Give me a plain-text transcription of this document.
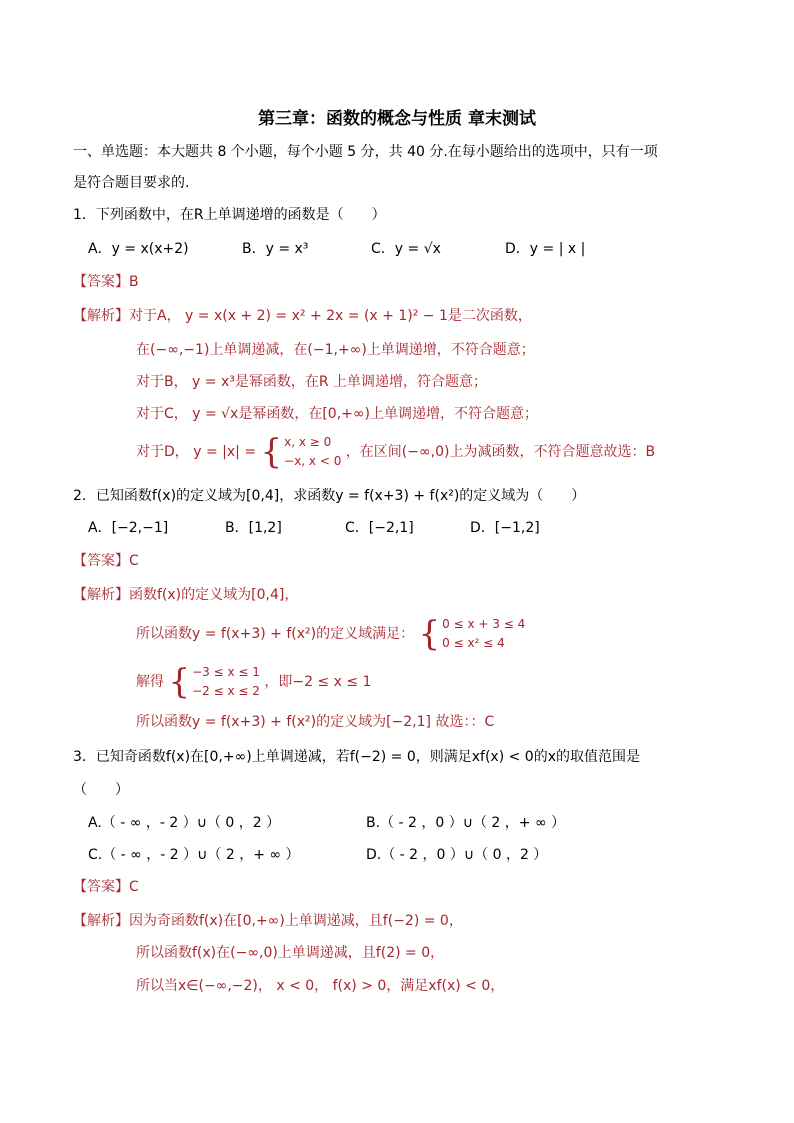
第三章：函数的概念与性质 章末测试
一、单选题：本大题共 8 个小题，每个小题 5 分，共 40 分.在每小题给出的选项中，只有一项
是符合题目要求的.
1．下列函数中，在R上单调递增的函数是（　　）
A．y = x(x+2)	B．y = x³	C．y = √x	D．y = | x |
【答案】B
【解析】对于A， y = x(x + 2) = x² + 2x = (x + 1)² − 1是二次函数，
在(−∞,−1)上单调递减，在(−1,+∞)上单调递增，不符合题意；
对于B， y = x³是幂函数，在R 上单调递增，符合题意；
对于C， y = √x是幂函数，在[0,+∞)上单调递增，不符合题意；
对于D， y = |x| = { x, x ≥ 0
−x, x < 0
，在区间(−∞,0)上为减函数，不符合题意故选：B
2．已知函数f(x)的定义域为[0,4]，求函数y = f(x+3) + f(x²)的定义域为（　　）
A．[−2,−1]	B．[1,2]	C．[−2,1]	D．[−1,2]
【答案】C
【解析】函数f(x)的定义域为[0,4]，
所以函数y = f(x+3) + f(x²)的定义域满足： { 0 ≤ x + 3 ≤ 4
0 ≤ x² ≤ 4
解得 { −3 ≤ x ≤ 1
−2 ≤ x ≤ 2
，即−2 ≤ x ≤ 1
所以函数y = f(x+3) + f(x²)的定义域为[−2,1] 故选：：C
3．已知奇函数f(x)在[0,+∞)上单调递减，若f(−2) = 0，则满足xf(x) < 0的x的取值范围是
（　　）
A.（ - ∞ ，- 2 ）∪（ 0 ，2 ）	B.（ - 2 ，0 ）∪（ 2 ，+ ∞ ）
C.（ - ∞ ，- 2 ）∪（ 2 ，+ ∞ ）	D.（ - 2 ，0 ）∪（ 0 ，2 ）
【答案】C
【解析】因为奇函数f(x)在[0,+∞)上单调递减，且f(−2) = 0，
所以函数f(x)在(−∞,0)上单调递减，且f(2) = 0，
所以当x∈(−∞,−2)， x < 0， f(x) > 0，满足xf(x) < 0，
